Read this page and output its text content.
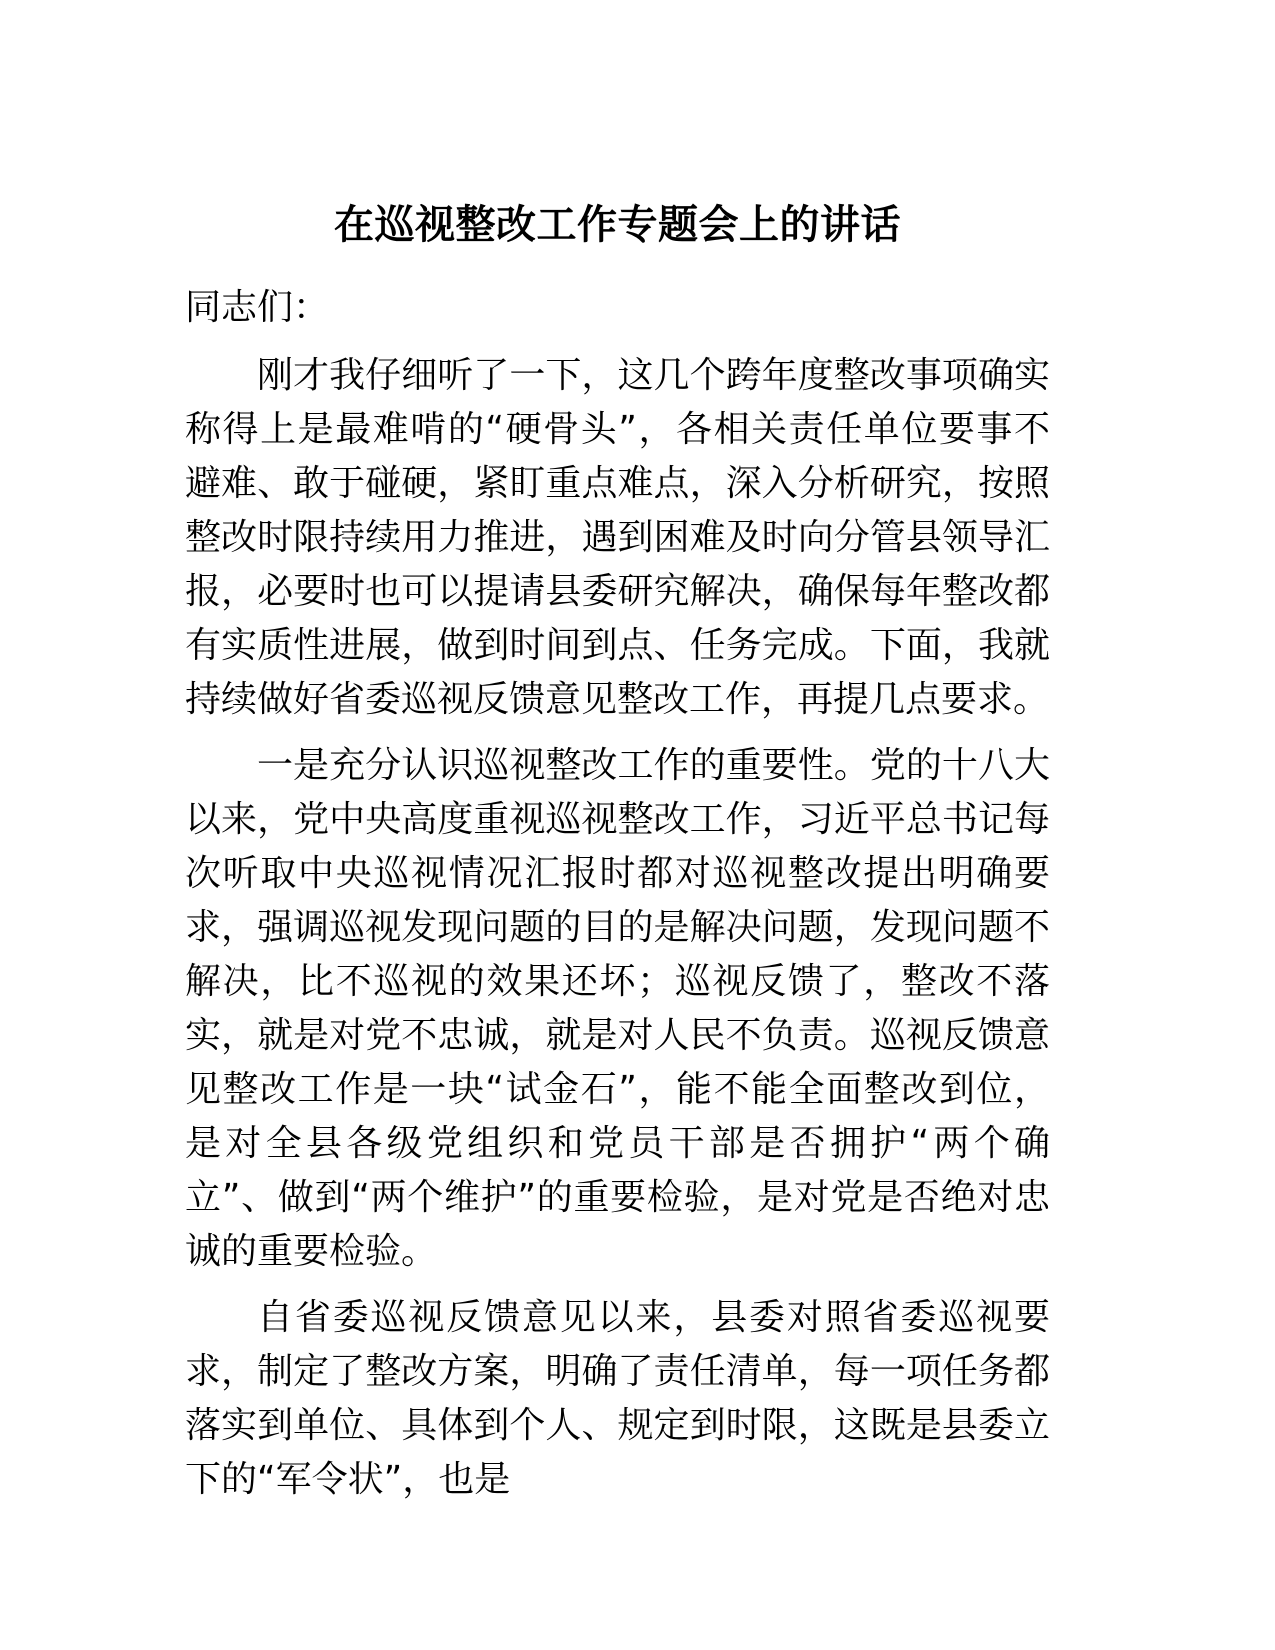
在巡视整改工作专题会上的讲话

同志们：

刚才我仔细听了一下，这几个跨年度整改事项确实称得上是最难啃的“硬骨头”，各相关责任单位要事不避难、敢于碰硬，紧盯重点难点，深入分析研究，按照整改时限持续用力推进，遇到困难及时向分管县领导汇报，必要时也可以提请县委研究解决，确保每年整改都有实质性进展，做到时间到点、任务完成。下面，我就持续做好省委巡视反馈意见整改工作，再提几点要求。

一是充分认识巡视整改工作的重要性。党的十八大以来，党中央高度重视巡视整改工作，习近平总书记每次听取中央巡视情况汇报时都对巡视整改提出明确要求，强调巡视发现问题的目的是解决问题，发现问题不解决，比不巡视的效果还坏；巡视反馈了，整改不落实，就是对党不忠诚，就是对人民不负责。巡视反馈意见整改工作是一块“试金石”，能不能全面整改到位，是对全县各级党组织和党员干部是否拥护“两个确立”、做到“两个维护”的重要检验，是对党是否绝对忠诚的重要检验。

自省委巡视反馈意见以来，县委对照省委巡视要求，制定了整改方案，明确了责任清单，每一项任务都落实到单位、具体到个人、规定到时限，这既是县委立下的“军令状”，也是
